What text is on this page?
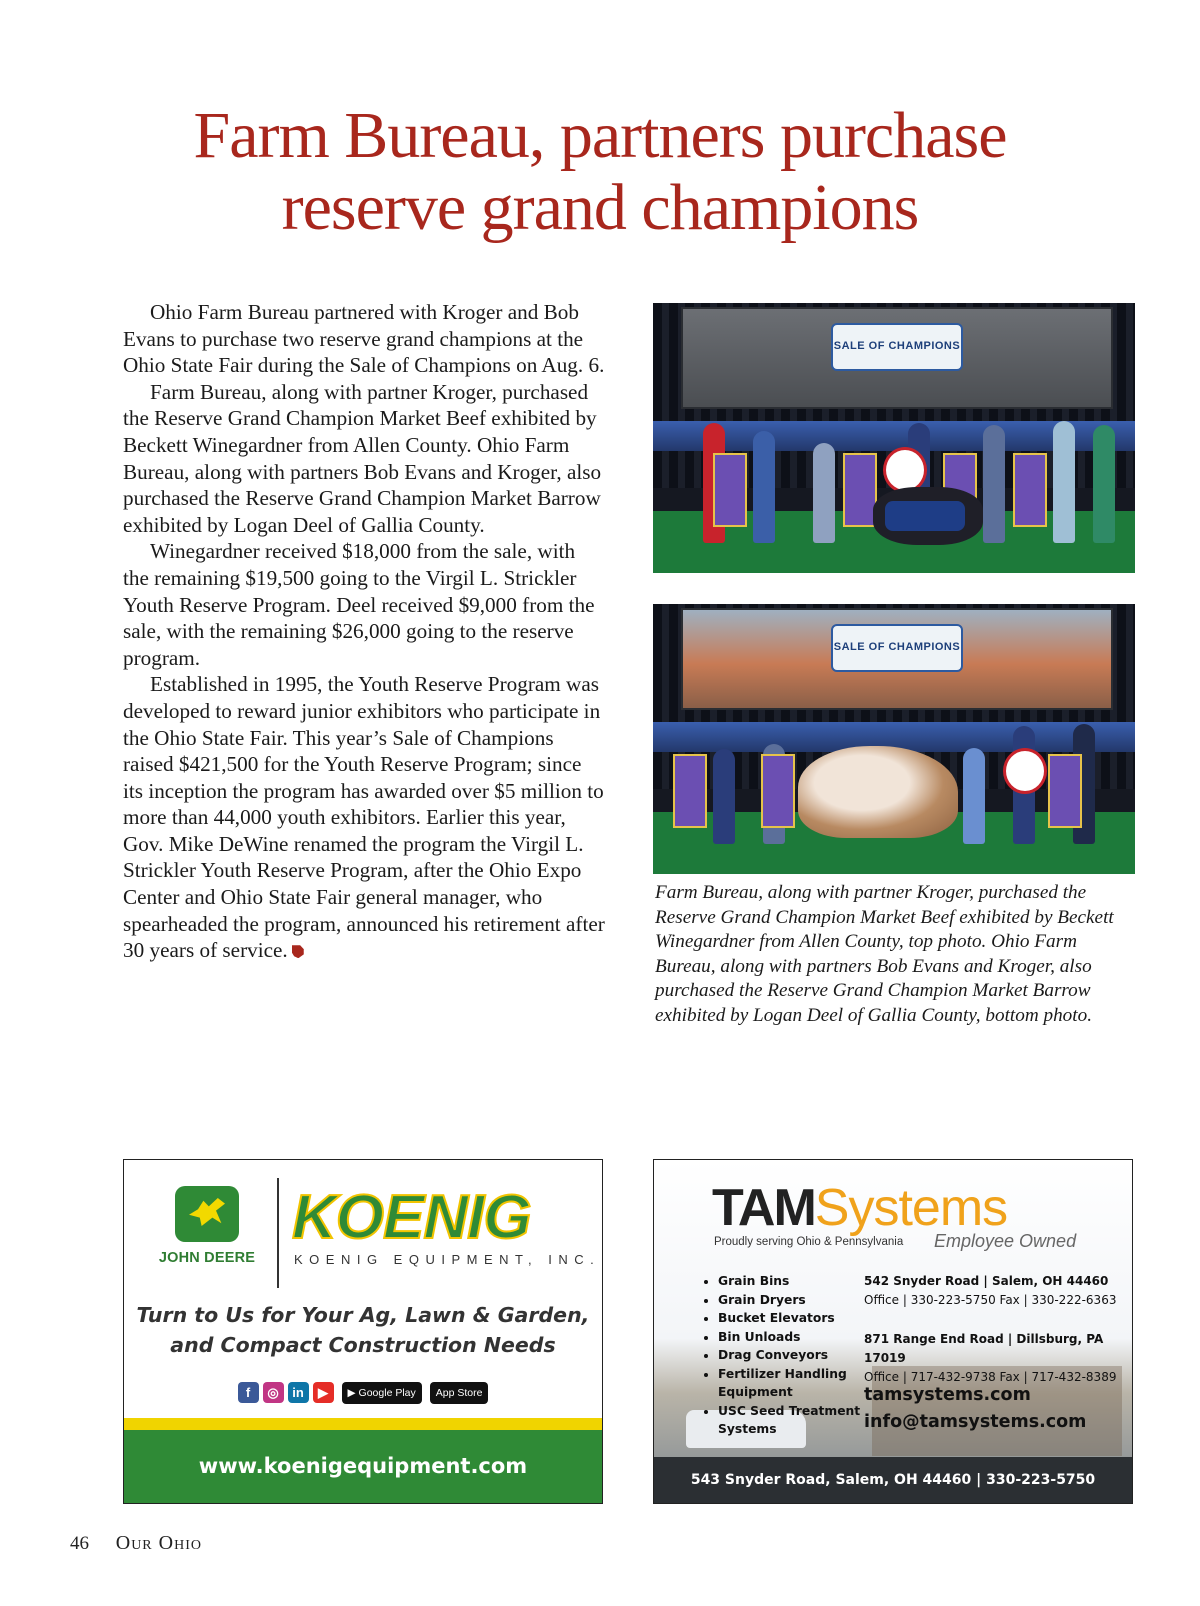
Farm Bureau, partners purchase
reserve grand champions

Ohio Farm Bureau partnered with Kroger and Bob Evans to purchase two reserve grand champions at the Ohio State Fair during the Sale of Champions on Aug. 6.

Farm Bureau, along with partner Kroger, purchased the Reserve Grand Champion Market Beef exhibited by Beckett Winegardner from Allen County. Ohio Farm Bureau, along with partners Bob Evans and Kroger, also purchased the Reserve Grand Champion Market Barrow exhibited by Logan Deel of Gallia County.

Winegardner received $18,000 from the sale, with the remaining $19,500 going to the Virgil L. Strickler Youth Reserve Program. Deel received $9,000 from the sale, with the remaining $26,000 going to the reserve program.

Established in 1995, the Youth Reserve Program was developed to reward junior exhibitors who participate in the Ohio State Fair. This year’s Sale of Champions raised $421,500 for the Youth Reserve Program; since its inception the program has awarded over $5 million to more than 44,000 youth exhibitors. Earlier this year, Gov. Mike DeWine renamed the program the Virgil L. Strickler Youth Reserve Program, after the Ohio Expo Center and Ohio State Fair general manager, who spearheaded the program, announced his retirement after 30 years of service.

SALE OF CHAMPIONS
SALE OF CHAMPIONS
Farm Bureau, along with partner Kroger, purchased the Reserve Grand Champion Market Beef exhibited by Beckett Winegardner from Allen County, top photo. Ohio Farm Bureau, along with partners Bob Evans and Kroger, also purchased the Reserve Grand Champion Market Barrow exhibited by Logan Deel of Gallia County, bottom photo.
JOHN DEERE
KOENIG
KOENIG EQUIPMENT, INC.
Turn to Us for Your Ag, Lawn & Garden,
and Compact Construction Needs
f	◎	in	▶	▶ Google Play	App Store
www.koenigequipment.com
TAMSystems
Proudly serving Ohio & Pennsylvania Employee Owned
• Grain Bins
• Grain Dryers
• Bucket Elevators
• Bin Unloads
• Drag Conveyors
• Fertilizer Handling Equipment
• USC Seed Treatment Systems
542 Snyder Road | Salem, OH 44460
Office | 330-223-5750 Fax | 330-222-6363
871 Range End Road | Dillsburg, PA 17019
Office | 717-432-9738 Fax | 717-432-8389
tamsystems.com
info@tamsystems.com
543 Snyder Road, Salem, OH 44460 | 330-223-5750
46 Our Ohio
